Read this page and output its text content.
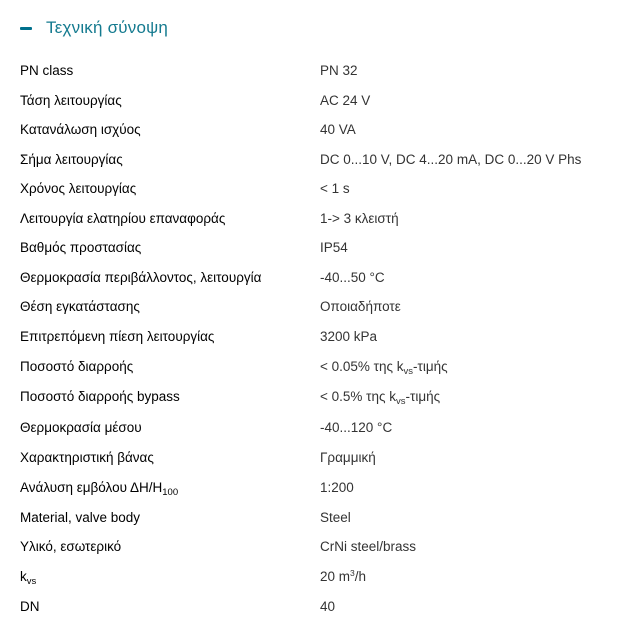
Τεχνική σύνοψη
PN class	PN 32
Τάση λειτουργίας	AC 24 V
Κατανάλωση ισχύος	40 VA
Σήμα λειτουργίας	DC 0...10 V, DC 4...20 mA, DC 0...20 V Phs
Χρόνος λειτουργίας	< 1 s
Λειτουργία ελατηρίου επαναφοράς	1-> 3 κλειστή
Βαθμός προστασίας	IP54
Θερμοκρασία περιβάλλοντος, λειτουργία	-40...50 °C
Θέση εγκατάστασης	Οποιαδήποτε
Επιτρεπόμενη πίεση λειτουργίας	3200 kPa
Ποσοστό διαρροής	< 0.05% της $k_{vs}$-τιμής
Ποσοστό διαρροής bypass	< 0.5% της $k_{vs}$-τιμής
Θερμοκρασία μέσου	-40...120 °C
Χαρακτηριστική βάνας	Γραμμική
Ανάλυση εμβόλου $\Delta H/H_{100}$	1:200
Material, valve body	Steel
Υλικό, εσωτερικό	CrNi steel/brass
$k_{vs}$	20 $m^3/h$
DN	40
